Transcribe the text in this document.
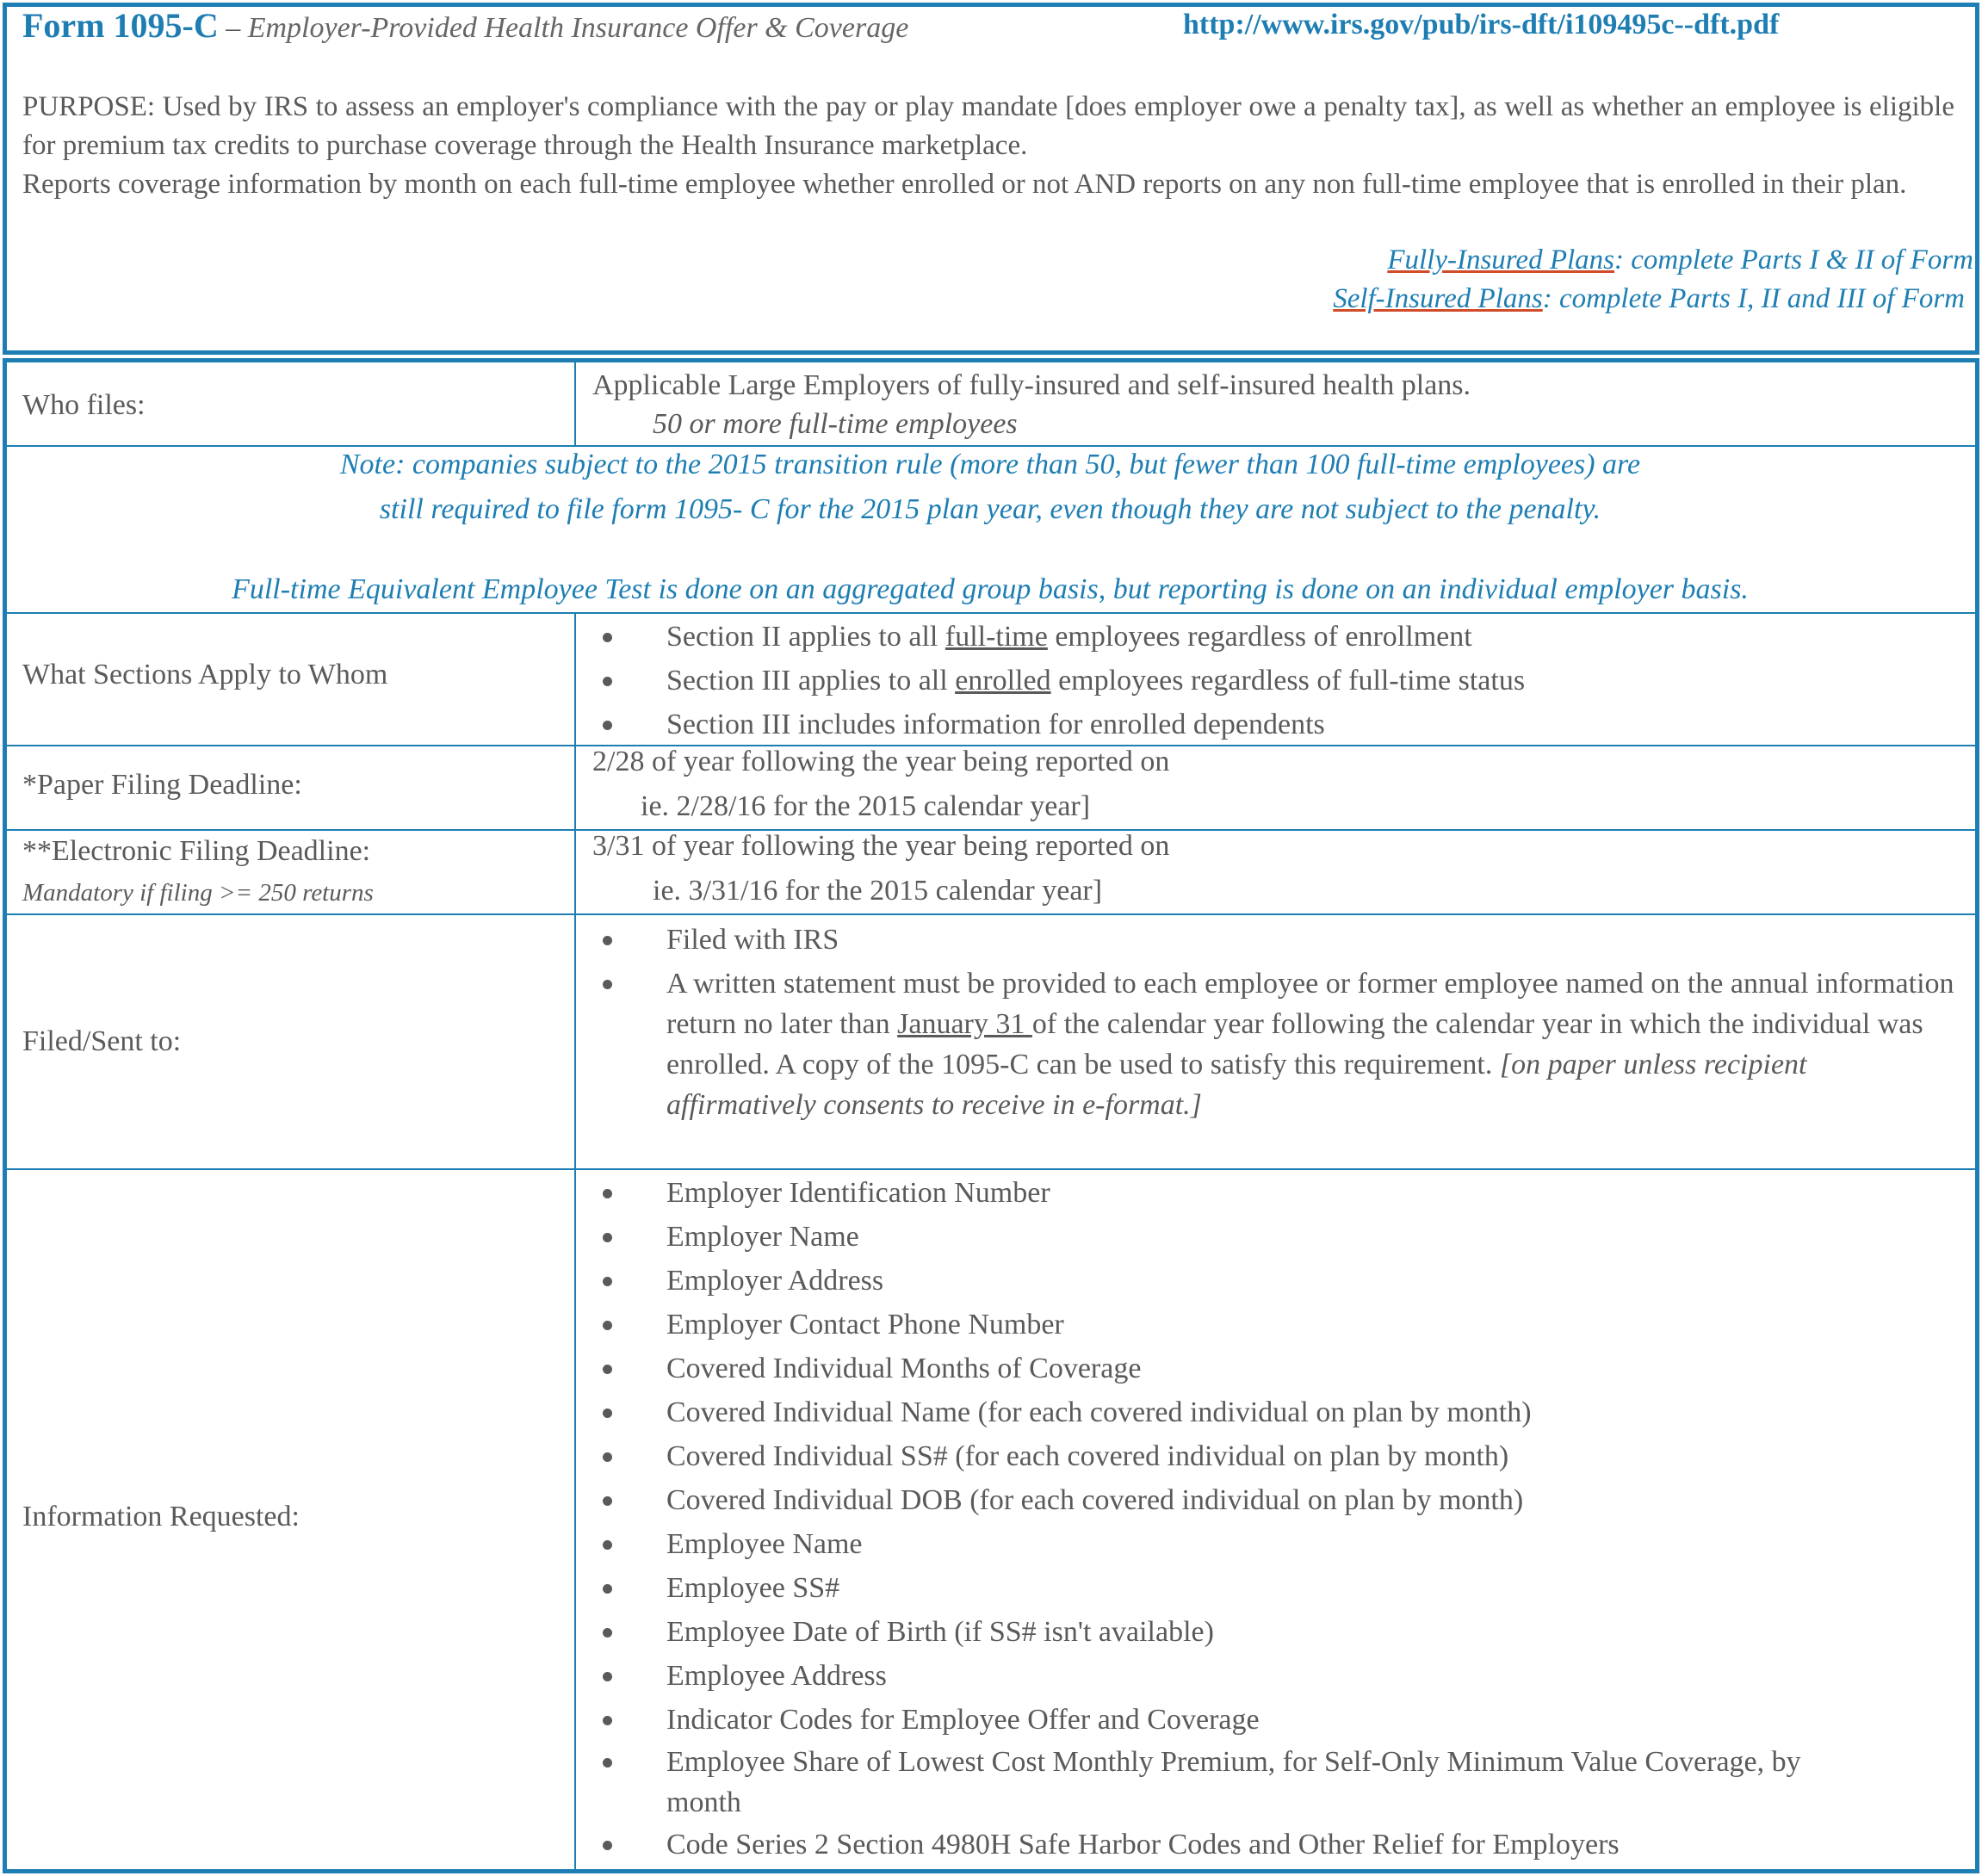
Form 1095-C – Employer-Provided Health Insurance Offer & Coverage	http://www.irs.gov/pub/irs-dft/i109495c--dft.pdf

PURPOSE: Used by IRS to assess an employer's compliance with the pay or play mandate [does employer owe a penalty tax], as well as whether an employee is eligible for premium tax credits to purchase coverage through the Health Insurance marketplace.

Reports coverage information by month on each full-time employee whether enrolled or not AND reports on any non full-time employee that is enrolled in their plan.

Fully-Insured Plans: complete Parts I & II of Form
Self-Insured Plans: complete Parts I, II and III of Form
Who files:
Applicable Large Employers of fully-insured and self-insured health plans.
50 or more full-time employees
Note: companies subject to the 2015 transition rule (more than 50, but fewer than 100 full-time employees) are
still required to file form 1095- C for the 2015 plan year, even though they are not subject to the penalty.
Full-time Equivalent Employee Test is done on an aggregated group basis, but reporting is done on an individual employer basis.
What Sections Apply to Whom
Section II applies to all full-time employees regardless of enrollment
Section III applies to all enrolled employees regardless of full-time status
Section III includes information for enrolled dependents
*Paper Filing Deadline:
2/28 of year following the year being reported on
ie. 2/28/16 for the 2015 calendar year]
**Electronic Filing Deadline:
Mandatory if filing >= 250 returns
3/31 of year following the year being reported on
ie. 3/31/16 for the 2015 calendar year]
Filed/Sent to:
Filed with IRS
A written statement must be provided to each employee or former employee named on the annual information return no later than January 31 of the calendar year following the calendar year in which the individual was enrolled. A copy of the 1095-C can be used to satisfy this requirement. [on paper unless recipient affirmatively consents to receive in e-format.]
Information Requested:
Employer Identification Number
Employer Name
Employer Address
Employer Contact Phone Number
Covered Individual Months of Coverage
Covered Individual Name (for each covered individual on plan by month)
Covered Individual SS# (for each covered individual on plan by month)
Covered Individual DOB (for each covered individual on plan by month)
Employee Name
Employee SS#
Employee Date of Birth (if SS# isn't available)
Employee Address
Indicator Codes for Employee Offer and Coverage
Employee Share of Lowest Cost Monthly Premium, for Self-Only Minimum Value Coverage, by month
Code Series 2 Section 4980H Safe Harbor Codes and Other Relief for Employers
